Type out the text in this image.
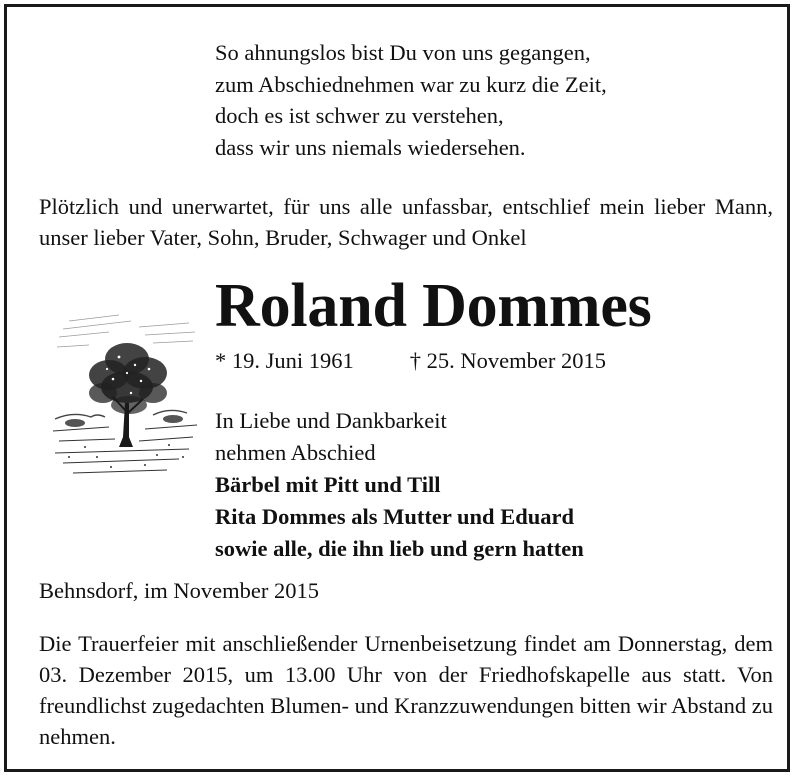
So ahnungslos bist Du von uns gegangen,
zum Abschiednehmen war zu kurz die Zeit,
doch es ist schwer zu verstehen,
dass wir uns niemals wiedersehen.
Plötzlich und unerwartet, für uns alle unfassbar, entschlief mein lieber Mann, unser lieber Vater, Sohn, Bruder, Schwager und Onkel
Roland Dommes
* 19. Juni 1961 † 25. November 2015
In Liebe und Dankbarkeit
nehmen Abschied
Bärbel mit Pitt und Till
Rita Dommes als Mutter und Eduard
sowie alle, die ihn lieb und gern hatten
Behnsdorf, im November 2015
Die Trauerfeier mit anschließender Urnenbeisetzung findet am Donnerstag, dem 03. Dezember 2015, um 13.00 Uhr von der Friedhofskapelle aus statt. Von freundlichst zugedachten Blumen- und Kranzzuwendungen bitten wir Abstand zu nehmen.
